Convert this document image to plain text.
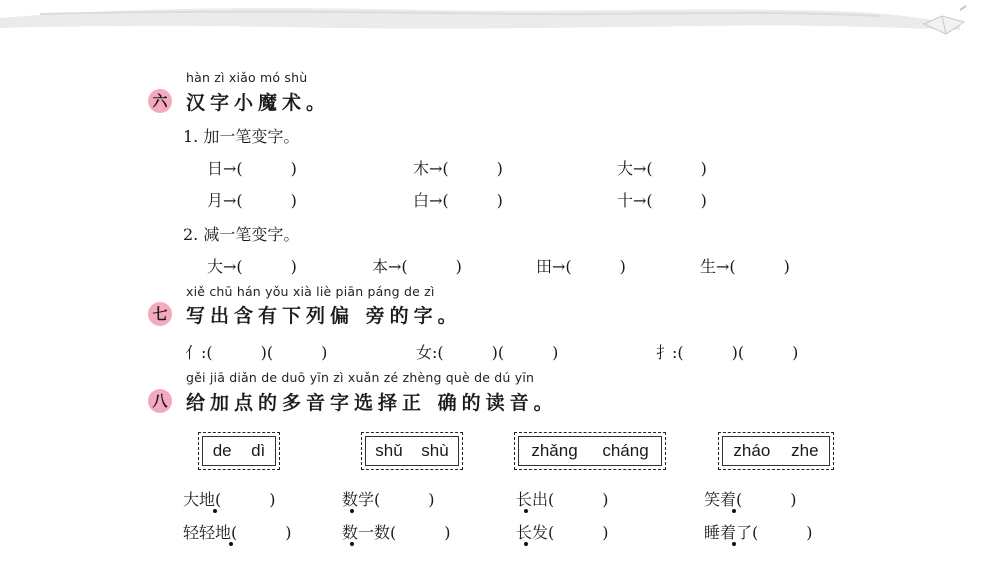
hàn zì xiǎo mó shù
六 汉字小魔术。
1. 加一笔变字。
日→(　　　)	木→(　　　)	大→(　　　)
月→(　　　)	白→(　　　)	十→(　　　)
2. 减一笔变字。
大→(　　　)	本→(　　　)	田→(　　　)	生→(　　　)
xiě chū hán yǒu xià liè piān páng de zì
七 写出含有下列偏 旁的字。
亻:(　　　)(　　　)	女:(　　　)(　　　)	扌:(　　　)(　　　)
gěi jiā diǎn de duō yīn zì xuǎn zé zhèng què de dú yīn
八 给加点的多音字选择正 确的读音。
de dì	shǔ shù	zhǎng cháng	zháo zhe
大地(　　　)	数学(　　　)	长出(　　　)	笑着(　　　)
轻轻地(　　　)	数一数(　　　)	长发(　　　)	睡着了(　　　)
